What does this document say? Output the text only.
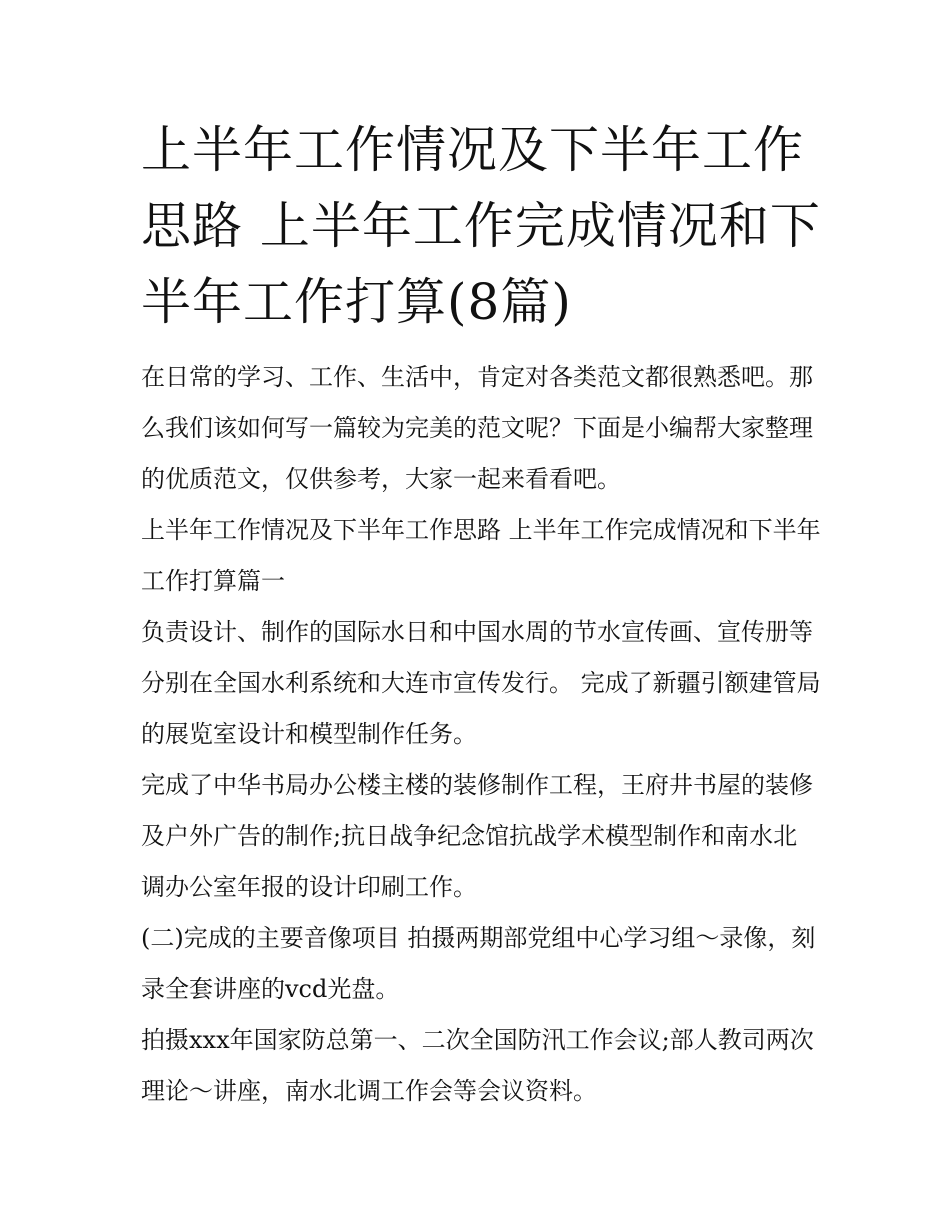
上半年工作情况及下半年工作思路 上半年工作完成情况和下半年工作打算(8篇)

在日常的学习、工作、生活中，肯定对各类范文都很熟悉吧。那么我们该如何写一篇较为完美的范文呢？下面是小编帮大家整理的优质范文，仅供参考，大家一起来看看吧。

上半年工作情况及下半年工作思路 上半年工作完成情况和下半年工作打算篇一

负责设计、制作的国际水日和中国水周的节水宣传画、宣传册等分别在全国水利系统和大连市宣传发行。 完成了新疆引额建管局的展览室设计和模型制作任务。

完成了中华书局办公楼主楼的装修制作工程，王府井书屋的装修及户外广告的制作;抗日战争纪念馆抗战学术模型制作和南水北调办公室年报的设计印刷工作。

(二)完成的主要音像项目 拍摄两期部党组中心学习组～录像，刻录全套讲座的vcd光盘。

拍摄xxx年国家防总第一、二次全国防汛工作会议;部人教司两次理论～讲座，南水北调工作会等会议资料。
